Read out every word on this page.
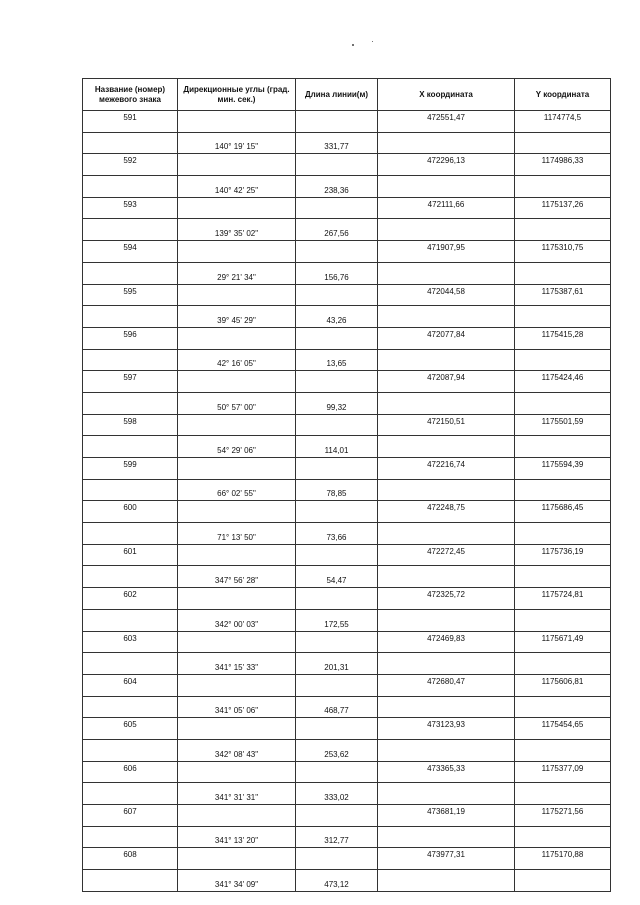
Название (номер) межевого знака	Дирекционные углы (град. мин. сек.)	Длина линии(м)	X координата	Y координата
591			472551,47	1174774,5
	140° 19' 15"	331,77		
592			472296,13	1174986,33
	140° 42' 25"	238,36		
593			472111,66	1175137,26
	139° 35' 02"	267,56		
594			471907,95	1175310,75
	29° 21' 34"	156,76		
595			472044,58	1175387,61
	39° 45' 29"	43,26		
596			472077,84	1175415,28
	42° 16' 05"	13,65		
597			472087,94	1175424,46
	50° 57' 00"	99,32		
598			472150,51	1175501,59
	54° 29' 06"	114,01		
599			472216,74	1175594,39
	66° 02' 55"	78,85		
600			472248,75	1175686,45
	71° 13' 50"	73,66		
601			472272,45	1175736,19
	347° 56' 28"	54,47		
602			472325,72	1175724,81
	342° 00' 03"	172,55		
603			472469,83	1175671,49
	341° 15' 33"	201,31		
604			472680,47	1175606,81
	341° 05' 06"	468,77		
605			473123,93	1175454,65
	342° 08' 43"	253,62		
606			473365,33	1175377,09
	341° 31' 31"	333,02		
607			473681,19	1175271,56
	341° 13' 20"	312,77		
608			473977,31	1175170,88
	341° 34' 09"	473,12		
